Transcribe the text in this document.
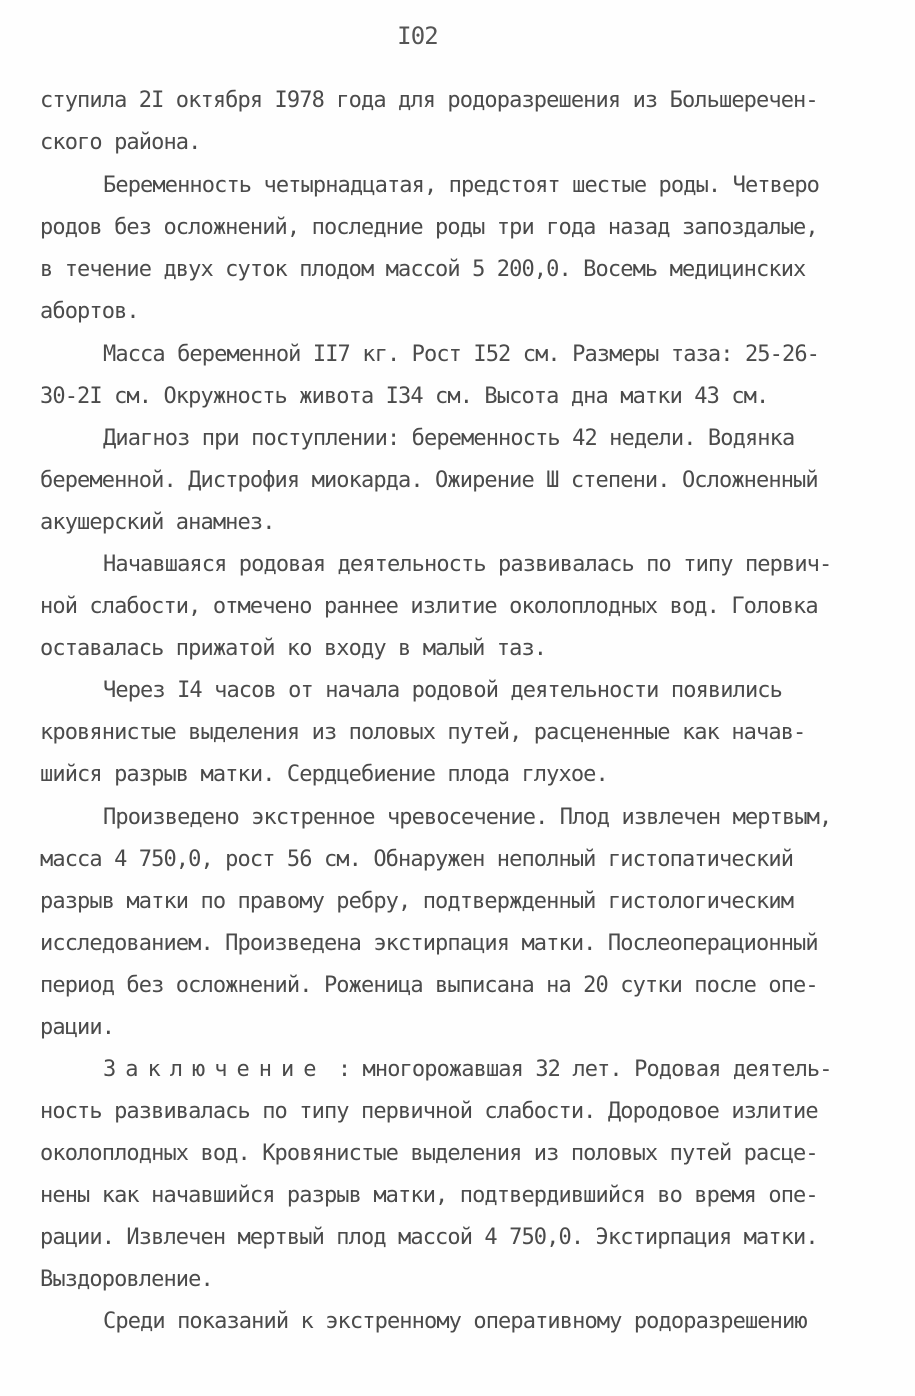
I02
ступила 2I октября I978 года для родоразрешения из Большеречен-
ского района.
Беременность четырнадцатая, предстоят шестые роды. Четверо
родов без осложнений, последние роды три года назад запоздалые,
в течение двух суток плодом массой 5 200,0. Восемь медицинских
абортов.
Масса беременной II7 кг. Рост I52 см. Размеры таза: 25-26-
30-2I см. Окружность живота I34 см. Высота дна матки 43 см.
Диагноз при поступлении: беременность 42 недели. Водянка
беременной. Дистрофия миокарда. Ожирение Ш степени. Осложненный
акушерский анамнез.
Начавшаяся родовая деятельность развивалась по типу первич-
ной слабости, отмечено раннее излитие околоплодных вод. Головка
оставалась прижатой ко входу в малый таз.
Через I4 часов от начала родовой деятельности появились
кровянистые выделения из половых путей, расцененные как начав-
шийся разрыв матки. Сердцебиение плода глухое.
Произведено экстренное чревосечение. Плод извлечен мертвым,
масса 4 750,0, рост 56 см. Обнаружен неполный гистопатический
разрыв матки по правому ребру, подтвержденный гистологическим
исследованием. Произведена экстирпация матки. Послеоперационный
период без осложнений. Роженица выписана на 20 сутки после опе-
рации.
Заключение : многорожавшая 32 лет. Родовая деятель-
ность развивалась по типу первичной слабости. Дородовое излитие
околоплодных вод. Кровянистые выделения из половых путей расце-
нены как начавшийся разрыв матки, подтвердившийся во время опе-
рации. Извлечен мертвый плод массой 4 750,0. Экстирпация матки.
Выздоровление.
Среди показаний к экстренному оперативному родоразрешению
